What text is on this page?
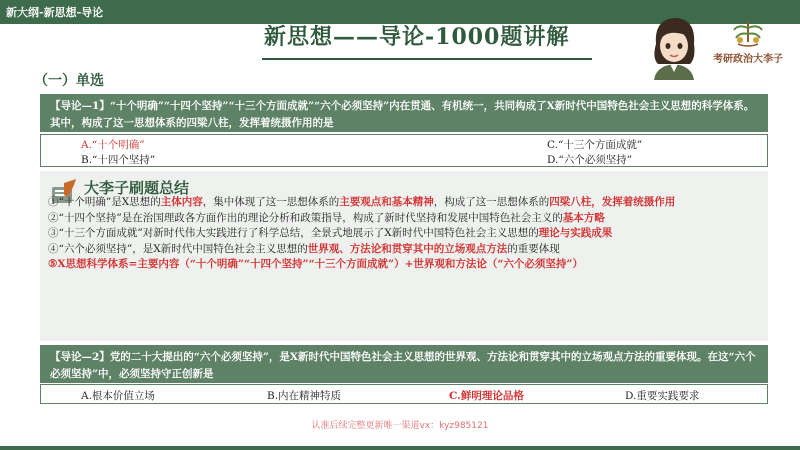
新大纲-新思想-导论
新思想——导论-1000题讲解
考研政治大李子
（一）单选
【导论—1】“十个明确”“十四个坚持”“十三个方面成就”“六个必须坚持”内在贯通、有机统一，共同构成了X新时代中国特色社会主义思想的科学体系。其中，构成了这一思想体系的四梁八柱，发挥着统摄作用的是
A.“十个明确”
B.“十四个坚持”
C.“十三个方面成就”
D.“六个必须坚持”
大李子刷题总结

①“十个明确”是X思想的主体内容，集中体现了这一思想体系的主要观点和基本精神，构成了这一思想体系的四梁八柱，发挥着统摄作用

②“十四个坚持”是在治国理政各方面作出的理论分析和政策指导，构成了新时代坚持和发展中国特色社会主义的基本方略

③“十三个方面成就”对新时代伟大实践进行了科学总结，全景式地展示了X新时代中国特色社会主义思想的理论与实践成果

④“六个必须坚持”，是X新时代中国特色社会主义思想的世界观、方法论和贯穿其中的立场观点方法的重要体现

⑤X思想科学体系=主要内容（“十个明确”“十四个坚持”“十三个方面成就”）+世界观和方法论（“六个必须坚持”）

【导论—2】党的二十大提出的“六个必须坚持”，是X新时代中国特色社会主义思想的世界观、方法论和贯穿其中的立场观点方法的重要体现。在这“六个必须坚持”中，必须坚持守正创新是
A.根本价值立场	B.内在精神特质	C.鲜明理论品格	D.重要实践要求
认准后续完整更新唯一渠道vx：kyz985121
